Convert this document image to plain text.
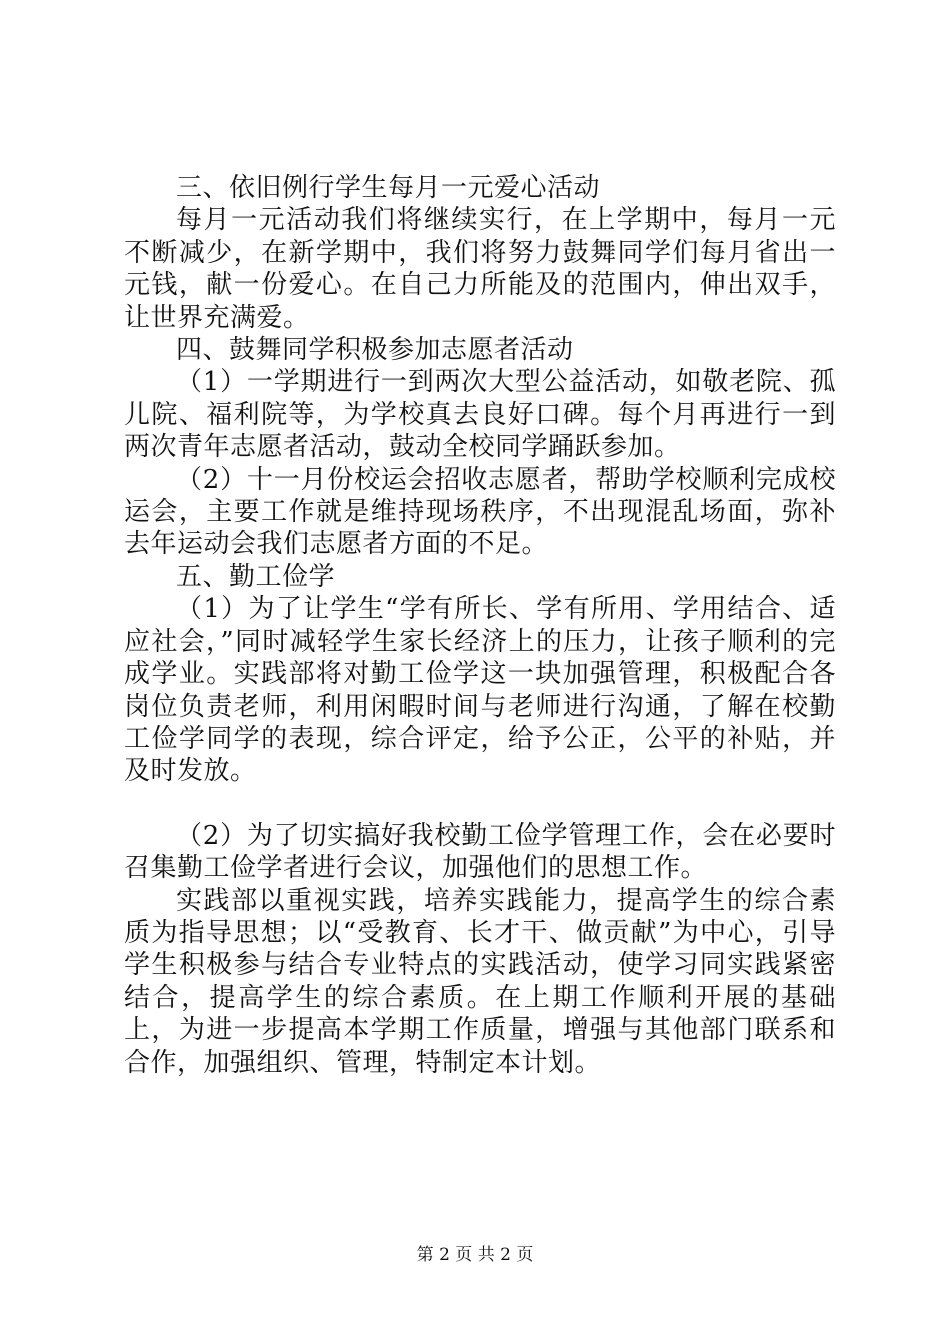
三、依旧例行学生每月一元爱心活动

每月一元活动我们将继续实行，在上学期中，每月一元不断减少，在新学期中，我们将努力鼓舞同学们每月省出一元钱，献一份爱心。在自己力所能及的范围内，伸出双手，让世界充满爱。

四、鼓舞同学积极参加志愿者活动

（1）一学期进行一到两次大型公益活动，如敬老院、孤儿院、福利院等，为学校真去良好口碑。每个月再进行一到两次青年志愿者活动，鼓动全校同学踊跃参加。

（2）十一月份校运会招收志愿者，帮助学校顺利完成校运会，主要工作就是维持现场秩序，不出现混乱场面，弥补去年运动会我们志愿者方面的不足。

五、勤工俭学

（1）为了让学生“学有所长、学有所用、学用结合、适应社会，”同时减轻学生家长经济上的压力，让孩子顺利的完成学业。实践部将对勤工俭学这一块加强管理，积极配合各岗位负责老师，利用闲暇时间与老师进行沟通，了解在校勤工俭学同学的表现，综合评定，给予公正，公平的补贴，并及时发放。

（2）为了切实搞好我校勤工俭学管理工作，会在必要时召集勤工俭学者进行会议，加强他们的思想工作。

实践部以重视实践，培养实践能力，提高学生的综合素质为指导思想；以“受教育、长才干、做贡献”为中心，引导学生积极参与结合专业特点的实践活动，使学习同实践紧密结合，提高学生的综合素质。在上期工作顺利开展的基础上，为进一步提高本学期工作质量，增强与其他部门联系和合作，加强组织、管理，特制定本计划。

第 2 页 共 2 页
